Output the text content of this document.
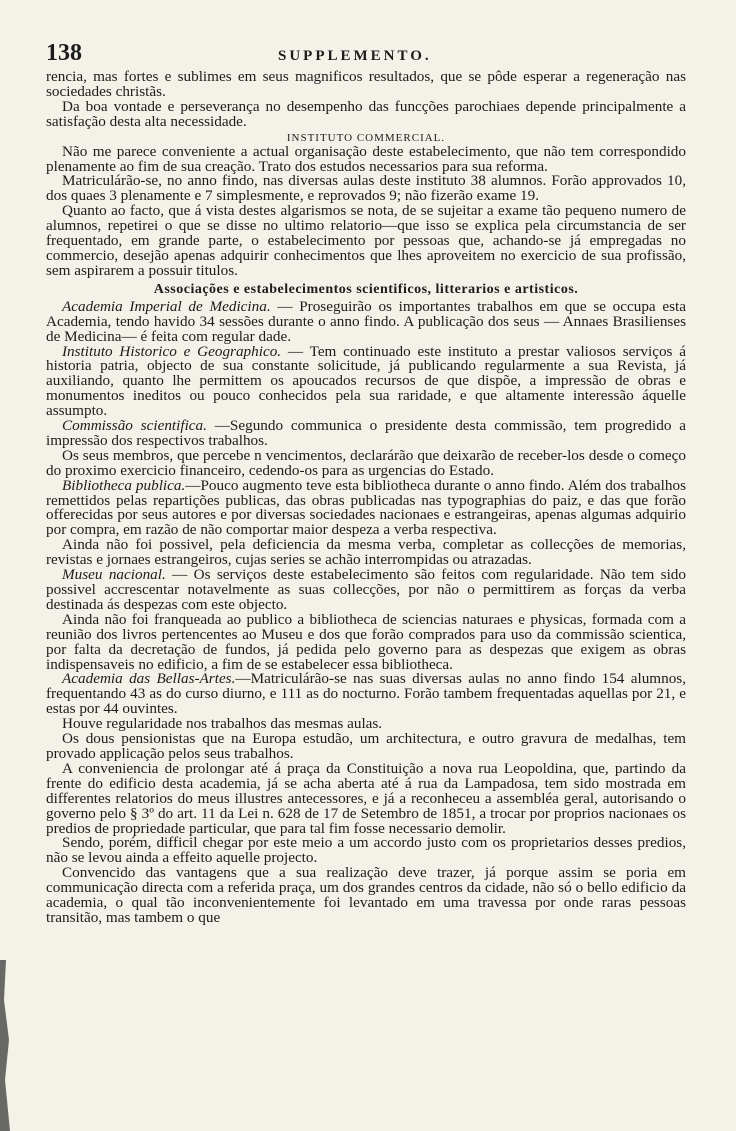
138	SUPPLEMENTO.

rencia, mas fortes e sublimes em seus magnificos resultados, que se pôde esperar a regeneração nas sociedades christãs.

Da boa vontade e perseverança no desempenho das funcções parochiaes depende principalmente a satisfação desta alta necessidade.

INSTITUTO COMMERCIAL.

Não me parece conveniente a actual organisação deste estabelecimento, que não tem correspondido plenamente ao fim de sua creação. Trato dos estudos necessarios para sua reforma.

Matriculárão-se, no anno findo, nas diversas aulas deste instituto 38 alumnos. Forão approvados 10, dos quaes 3 plenamente e 7 simplesmente, e reprovados 9; não fizerão exame 19.

Quanto ao facto, que á vista destes algarismos se nota, de se sujeitar a exame tão pequeno numero de alumnos, repetirei o que se disse no ultimo relatorio—que isso se explica pela circumstancia de ser frequentado, em grande parte, o estabelecimento por pessoas que, achando-se já empregadas no commercio, desejão apenas adquirir conhecimentos que lhes aproveitem no exercicio de sua profissão, sem aspirarem a possuir titulos.

Associações e estabelecimentos scientificos, litterarios e artisticos.

Academia Imperial de Medicina. — Proseguirão os importantes trabalhos em que se occupa esta Academia, tendo havido 34 sessões durante o anno findo. A publicação dos seus — Annaes Brasilienses de Medicina— é feita com regular dade.

Instituto Historico e Geographico. — Tem continuado este instituto a prestar valiosos serviços á historia patria, objecto de sua constante solicitude, já publicando regularmente a sua Revista, já auxiliando, quanto lhe permittem os apoucados recursos de que dispõe, a impressão de obras e monumentos ineditos ou pouco conhecidos pela sua raridade, e que altamente interessão áquelle assumpto.

Commissão scientifica. —Segundo communica o presidente desta commissão, tem progredido a impressão dos respectivos trabalhos.

Os seus membros, que percebe n vencimentos, declarárão que deixarão de receber-los desde o começo do proximo exercicio financeiro, cedendo-os para as urgencias do Estado.

Bibliotheca publica.—Pouco augmento teve esta bibliotheca durante o anno findo. Além dos trabalhos remettidos pelas repartições publicas, das obras publicadas nas typographias do paiz, e das que forão offerecidas por seus autores e por diversas sociedades nacionaes e estrangeiras, apenas algumas adquirio por compra, em razão de não comportar maior despeza a verba respectiva.

Ainda não foi possivel, pela deficiencia da mesma verba, completar as collecções de memorias, revistas e jornaes estrangeiros, cujas series se achão interrompidas ou atrazadas.

Museu nacional. — Os serviços deste estabelecimento são feitos com regularidade. Não tem sido possivel accrescentar notavelmente as suas collecções, por não o permittirem as forças da verba destinada ás despezas com este objecto.

Ainda não foi franqueada ao publico a bibliotheca de sciencias naturaes e physicas, formada com a reunião dos livros pertencentes ao Museu e dos que forão comprados para uso da commissão scientica, por falta da decretação de fundos, já pedida pelo governo para as despezas que exigem as obras indispensaveis no edificio, a fim de se estabelecer essa bibliotheca.

Academia das Bellas-Artes.—Matriculárão-se nas suas diversas aulas no anno findo 154 alumnos, frequentando 43 as do curso diurno, e 111 as do nocturno. Forão tambem frequentadas aquellas por 21, e estas por 44 ouvintes.

Houve regularidade nos trabalhos das mesmas aulas.

Os dous pensionistas que na Europa estudão, um architectura, e outro gravura de medalhas, tem provado applicação pelos seus trabalhos.

A conveniencia de prolongar até á praça da Constituição a nova rua Leopoldina, que, partindo da frente do edificio desta academia, já se acha aberta até á rua da Lampadosa, tem sido mostrada em differentes relatorios do meus illustres antecessores, e já a reconheceu a assembléa geral, autorisando o governo pelo § 3º do art. 11 da Lei n. 628 de 17 de Setembro de 1851, a trocar por proprios nacionaes os predios de propriedade particular, que para tal fim fosse necessario demolir.

Sendo, porém, difficil chegar por este meio a um accordo justo com os proprietarios desses predios, não se levou ainda a effeito aquelle projecto.

Convencido das vantagens que a sua realização deve trazer, já porque assim se poria em communicação directa com a referida praça, um dos grandes centros da cidade, não só o bello edificio da academia, o qual tão inconvenientemente foi levantado em uma travessa por onde raras pessoas transitão, mas tambem o que
